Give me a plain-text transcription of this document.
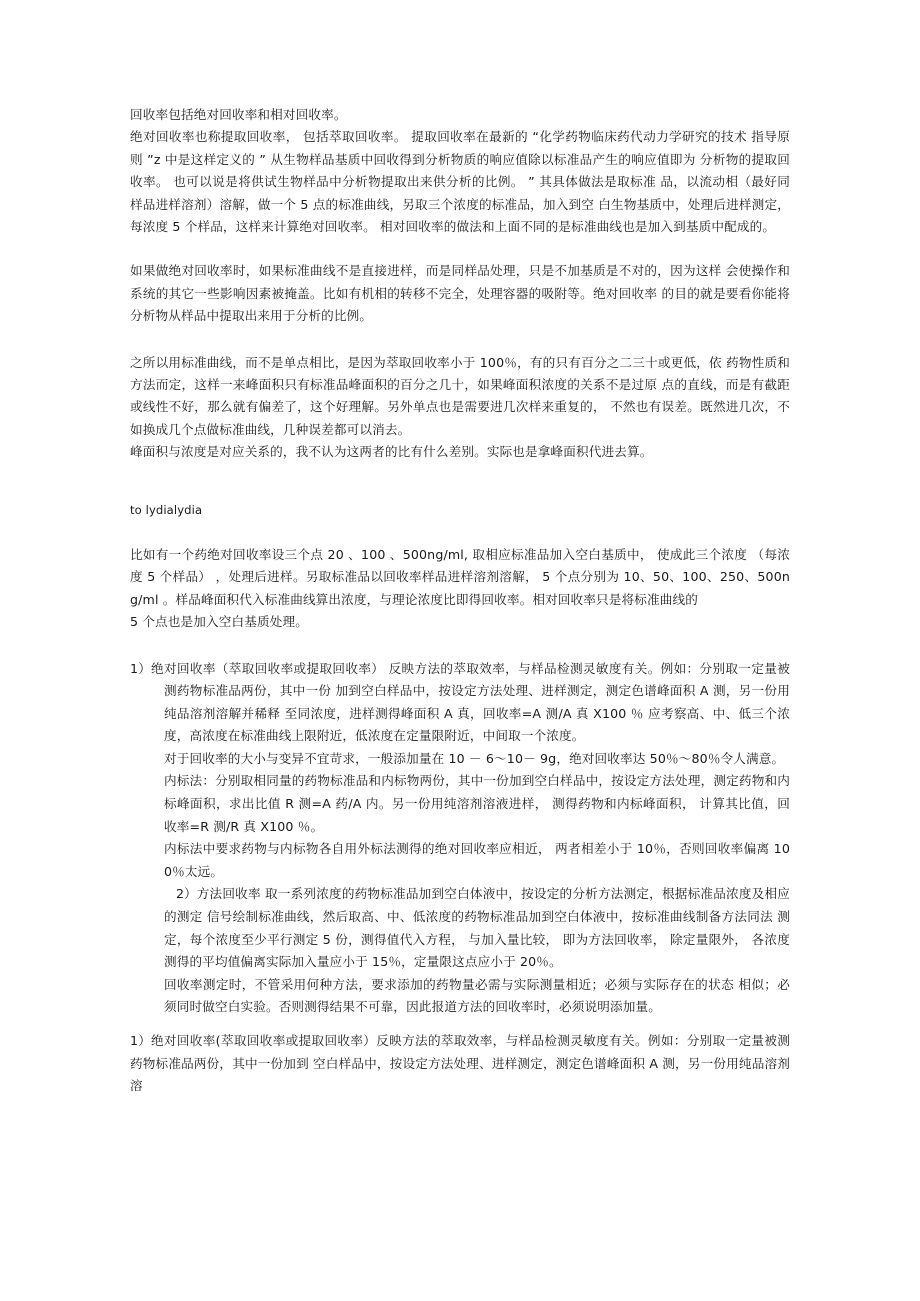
回收率包括绝对回收率和相对回收率。

绝对回收率也称提取回收率， 包括萃取回收率。 提取回收率在最新的 “化学药物临床药代动力学研究的技术 指导原则 ”z 中是这样定义的 ” 从生物样品基质中回收得到分析物质的响应值除以标准品产生的响应值即为 分析物的提取回收率。 也可以说是将供试生物样品中分析物提取出来供分析的比例。 ” 其具体做法是取标准 品，以流动相（最好同样品进样溶剂）溶解，做一个 5 点的标准曲线，另取三个浓度的标准品，加入到空 白生物基质中，处理后进样测定，每浓度 5 个样品，这样来计算绝对回收率。 相对回收率的做法和上面不同的是标准曲线也是加入到基质中配成的。

如果做绝对回收率时，如果标准曲线不是直接进样，而是同样品处理，只是不加基质是不对的，因为这样 会使操作和系统的其它一些影响因素被掩盖。比如有机相的转移不完全，处理容器的吸附等。绝对回收率 的目的就是要看你能将分析物从样品中提取出来用于分析的比例。

之所以用标准曲线，而不是单点相比，是因为萃取回收率小于 100％，有的只有百分之二三十或更低，依 药物性质和方法而定，这样一来峰面积只有标准品峰面积的百分之几十，如果峰面积浓度的关系不是过原 点的直线，而是有截距或线性不好，那么就有偏差了，这个好理解。另外单点也是需要进几次样来重复的， 不然也有误差。既然进几次，不如换成几个点做标准曲线，几种误差都可以消去。

峰面积与浓度是对应关系的，我不认为这两者的比有什么差别。实际也是拿峰面积代进去算。

to lydialydia

比如有一个药绝对回收率设三个点 20 、100 、500ng/ml, 取相应标准品加入空白基质中， 使成此三个浓度 （每浓度 5 个样品） ，处理后进样。另取标准品以回收率样品进样溶剂溶解， 5 个点分别为 10、50、100、250、500ng/ml 。样品峰面积代入标准曲线算出浓度，与理论浓度比即得回收率。相对回收率只是将标准曲线的

5 个点也是加入空白基质处理。

1）绝对回收率（萃取回收率或提取回收率） 反映方法的萃取效率，与样品检测灵敏度有关。例如：分别取一定量被测药物标准品两份，其中一份 加到空白样品中，按设定方法处理、进样测定，测定色谱峰面积 A 测，另一份用纯品溶剂溶解并稀释 至同浓度，进样测得峰面积 A 真，回收率=A 测/A 真 X100 ％ 应考察高、中、低三个浓度，高浓度在标准曲线上限附近，低浓度在定量限附近，中间取一个浓度。
对于回收率的大小与变异不宜苛求，一般添加量在 10 － 6～10－ 9g，绝对回收率达 50％～80％令人满意。
内标法：分别取相同量的药物标准品和内标物两份，其中一份加到空白样品中，按设定方法处理，测定药物和内标峰面积，求出比值 R 测=A 药/A 内。另一份用纯溶剂溶液进样， 测得药物和内标峰面积， 计算其比值，回收率=R 测/R 真 X100 ％。
内标法中要求药物与内标物各自用外标法测得的绝对回收率应相近， 两者相差小于 10％，否则回收率偏离 100％太远。
2）方法回收率 取一系列浓度的药物标准品加到空白体液中，按设定的分析方法测定，根据标准品浓度及相应的测定 信号绘制标准曲线，然后取高、中、低浓度的药物标准品加到空白体液中，按标准曲线制备方法同法 测定，每个浓度至少平行测定 5 份，测得值代入方程， 与加入量比较， 即为方法回收率， 除定量限外， 各浓度测得的平均值偏离实际加入量应小于 15％，定量限这点应小于 20％。
回收率测定时，不管采用何种方法，要求添加的药物量必需与实际测量相近；必须与实际存在的状态 相似；必须同时做空白实验。否则测得结果不可靠，因此报道方法的回收率时，必须说明添加量。
1）绝对回收率(萃取回收率或提取回收率）反映方法的萃取效率，与样品检测灵敏度有关。例如：分别取一定量被测药物标准品两份，其中一份加到 空白样品中，按设定方法处理、进样测定，测定色谱峰面积 A 测，另一份用纯品溶剂溶
